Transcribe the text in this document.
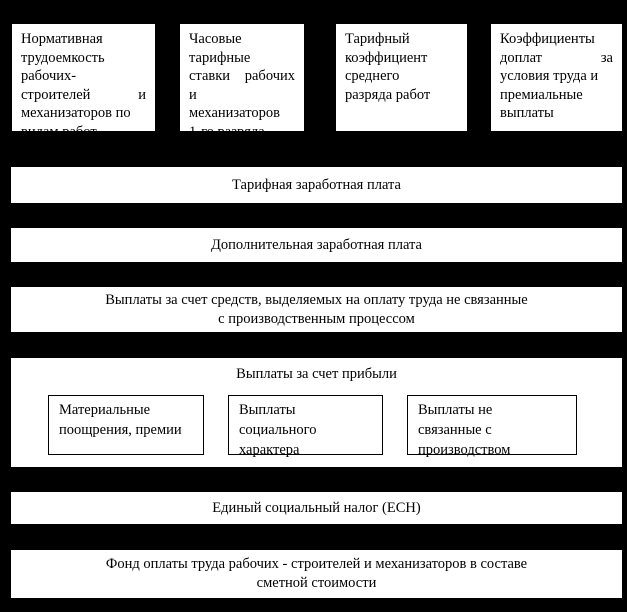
Нормативная
трудоемкость
рабочих-
строителей	и
механизаторов по
видам работ
Часовые
тарифные
ставки рабочих
и
механизаторов
1-го разряда
Тарифный
коэффициент
среднего
разряда работ
Коэффициенты
доплат	за
условия труда и
премиальные
выплаты
Тарифная заработная плата
Дополнительная заработная плата
Выплаты за счет средств, выделяемых на оплату труда не связанные
с производственным процессом
Выплаты за счет прибыли
Материальные
поощрения, премии
Выплаты
социального
характера
Выплаты не
связанные с
производством
Единый социальный налог (ЕСН)
Фонд оплаты труда рабочих - строителей и механизаторов в составе
сметной стоимости
